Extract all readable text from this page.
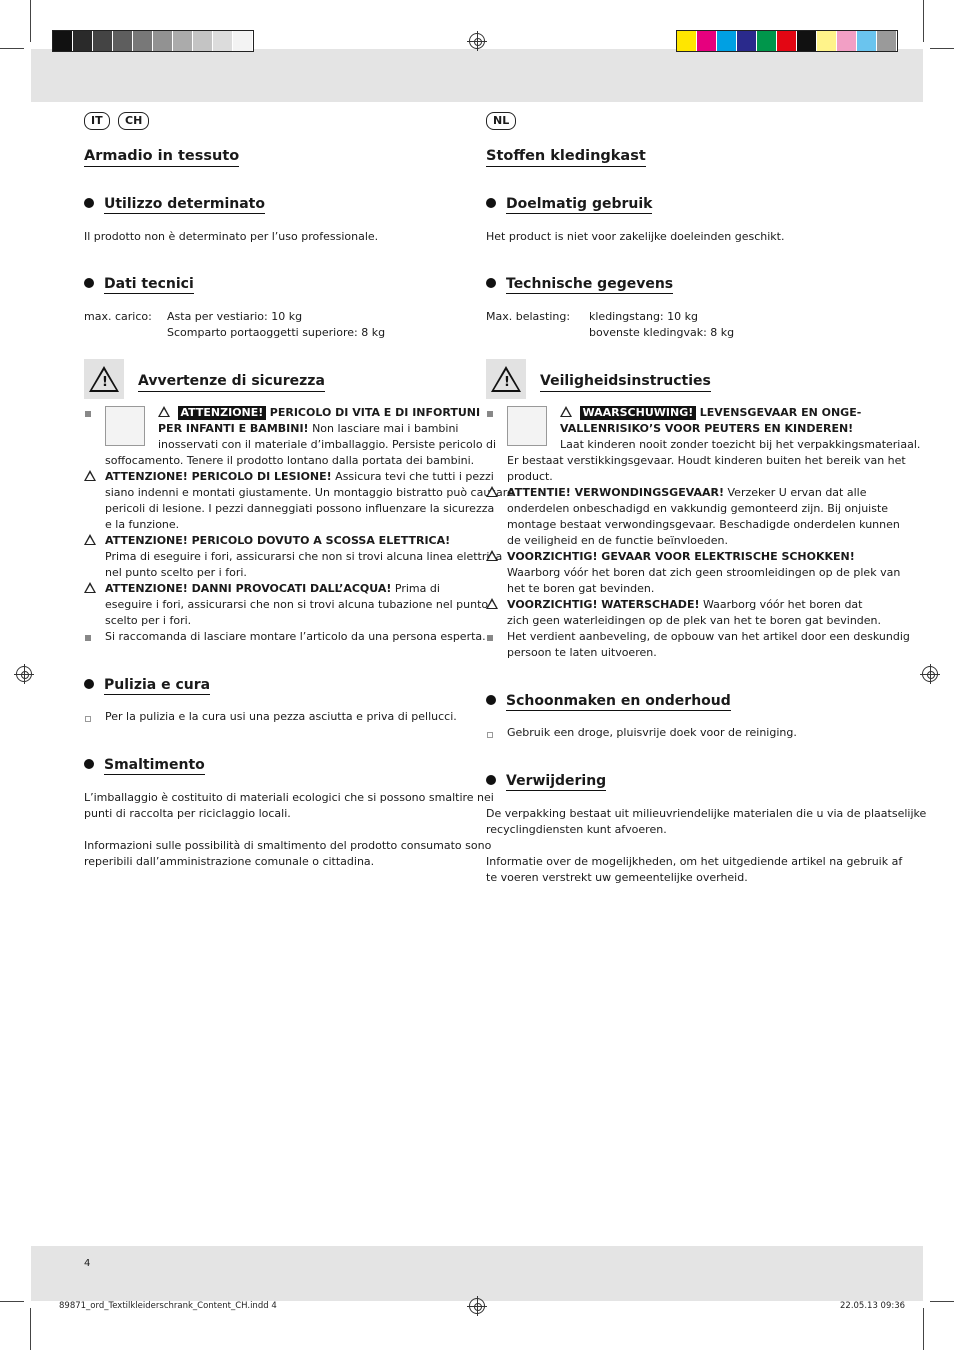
IT	CH
Armadio in tessuto
Utilizzo determinato
Il prodotto non è determinato per l’uso professionale.
Dati tecnici
max. carico: Asta per vestiario: 10 kg
Scomparto portaoggetti superiore: 8 kg
! Avvertenze di sicurezza
ATTENZIONE! PERICOLO DI VITA E DI INFORTUNI
PER INFANTI E BAMBINI! Non lasciare mai i bambini
inosservati con il materiale d’imballaggio. Persiste pericolo di
soffocamento. Tenere il prodotto lontano dalla portata dei bambini.
ATTENZIONE! PERICOLO DI LESIONE! Assicura tevi che tutti i pezzi
siano indenni e montati giustamente. Un montaggio bistratto può causare
pericoli di lesione. I pezzi danneggiati possono influenzare la sicurezza
e la funzione.
ATTENZIONE! PERICOLO DOVUTO A SCOSSA ELETTRICA!
Prima di eseguire i fori, assicurarsi che non si trovi alcuna linea elettrica
nel punto scelto per i fori.
ATTENZIONE! DANNI PROVOCATI DALL’ACQUA! Prima di
eseguire i fori, assicurarsi che non si trovi alcuna tubazione nel punto
scelto per i fori.
Si raccomanda di lasciare montare l’articolo da una persona esperta.
Pulizia e cura
Per la pulizia e la cura usi una pezza asciutta e priva di pellucci.
Smaltimento
L’imballaggio è costituito di materiali ecologici che si possono smaltire nei
punti di raccolta per riciclaggio locali.
Informazioni sulle possibilità di smaltimento del prodotto consumato sono
reperibili dall’amministrazione comunale o cittadina.
NL
Stoffen kledingkast
Doelmatig gebruik
Het product is niet voor zakelijke doeleinden geschikt.
Technische gegevens
Max. belasting: kledingstang: 10 kg
bovenste kledingvak: 8 kg
! Veiligheidsinstructies
WAARSCHUWING! LEVENSGEVAAR EN ONGE-
VALLENRISIKO’S VOOR PEUTERS EN KINDEREN!
Laat kinderen nooit zonder toezicht bij het verpakkingsmateriaal.
Er bestaat verstikkingsgevaar. Houdt kinderen buiten het bereik van het
product.
ATTENTIE! VERWONDINGSGEVAAR! Verzeker U ervan dat alle
onderdelen onbeschadigd en vakkundig gemonteerd zijn. Bij onjuiste
montage bestaat verwondingsgevaar. Beschadigde onderdelen kunnen
de veiligheid en de functie beïnvloeden.
VOORZICHTIG! GEVAAR VOOR ELEKTRISCHE SCHOKKEN!
Waarborg vóór het boren dat zich geen stroomleidingen op de plek van
het te boren gat bevinden.
VOORZICHTIG! WATERSCHADE! Waarborg vóór het boren dat
zich geen waterleidingen op de plek van het te boren gat bevinden.
Het verdient aanbeveling, de opbouw van het artikel door een deskundig
persoon te laten uitvoeren.
Schoonmaken en onderhoud
Gebruik een droge, pluisvrije doek voor de reiniging.
Verwijdering
De verpakking bestaat uit milieuvriendelijke materialen die u via de plaatselijke
recyclingdiensten kunt afvoeren.
Informatie over de mogelijkheden, om het uitgediende artikel na gebruik af
te voeren verstrekt uw gemeentelijke overheid.
4
89871_ord_Textilkleiderschrank_Content_CH.indd 4	22.05.13 09:36
